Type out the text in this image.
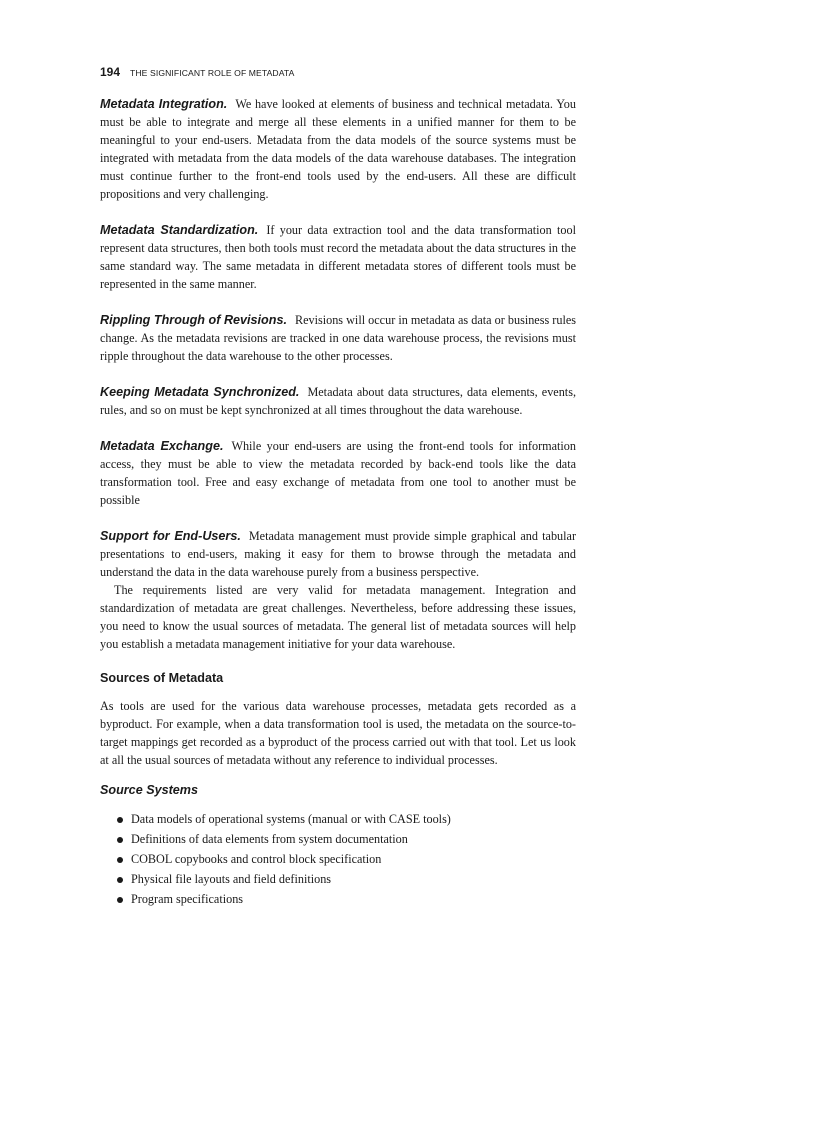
194 THE SIGNIFICANT ROLE OF METADATA

Metadata Integration. We have looked at elements of business and technical metadata. You must be able to integrate and merge all these elements in a unified manner for them to be meaningful to your end-users. Metadata from the data models of the source systems must be integrated with metadata from the data models of the data warehouse databases. The integration must continue further to the front-end tools used by the end-users. All these are difficult propositions and very challenging.

Metadata Standardization. If your data extraction tool and the data transformation tool represent data structures, then both tools must record the metadata about the data structures in the same standard way. The same metadata in different metadata stores of different tools must be represented in the same manner.

Rippling Through of Revisions. Revisions will occur in metadata as data or business rules change. As the metadata revisions are tracked in one data warehouse process, the revisions must ripple throughout the data warehouse to the other processes.

Keeping Metadata Synchronized. Metadata about data structures, data elements, events, rules, and so on must be kept synchronized at all times throughout the data warehouse.

Metadata Exchange. While your end-users are using the front-end tools for information access, they must be able to view the metadata recorded by back-end tools like the data transformation tool. Free and easy exchange of metadata from one tool to another must be possible

Support for End-Users. Metadata management must provide simple graphical and tabular presentations to end-users, making it easy for them to browse through the metadata and understand the data in the data warehouse purely from a business perspective.

The requirements listed are very valid for metadata management. Integration and standardization of metadata are great challenges. Nevertheless, before addressing these issues, you need to know the usual sources of metadata. The general list of metadata sources will help you establish a metadata management initiative for your data warehouse.

Sources of Metadata

As tools are used for the various data warehouse processes, metadata gets recorded as a byproduct. For example, when a data transformation tool is used, the metadata on the source-to-target mappings get recorded as a byproduct of the process carried out with that tool. Let us look at all the usual sources of metadata without any reference to individual processes.

Source Systems
Data models of operational systems (manual or with CASE tools)
Definitions of data elements from system documentation
COBOL copybooks and control block specification
Physical file layouts and field definitions
Program specifications
